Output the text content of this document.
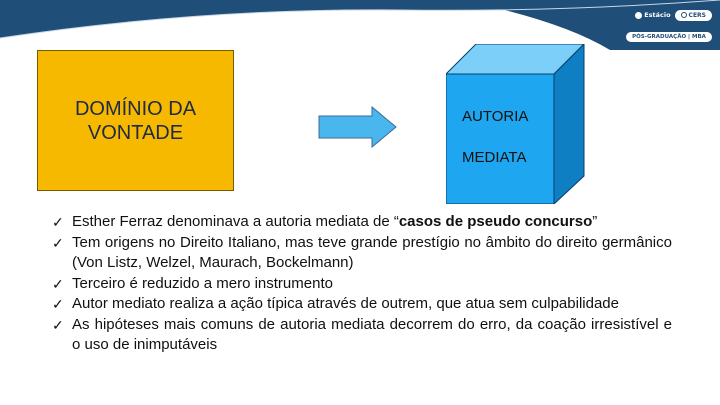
Estácio	CERS
PÓS-GRADUAÇÃO | MBA
DOMÍNIO DA
VONTADE
AUTORIA
MEDIATA
✓ Esther Ferraz denominava a autoria mediata de “casos de pseudo concurso”
✓ Tem origens no Direito Italiano, mas teve grande prestígio no âmbito do direito germânico (Von Listz, Welzel, Maurach, Bockelmann)
✓ Terceiro é reduzido a mero instrumento
✓ Autor mediato realiza a ação típica através de outrem, que atua sem culpabilidade
✓ As hipóteses mais comuns de autoria mediata decorrem do erro, da coação irresistível e o uso de inimputáveis
